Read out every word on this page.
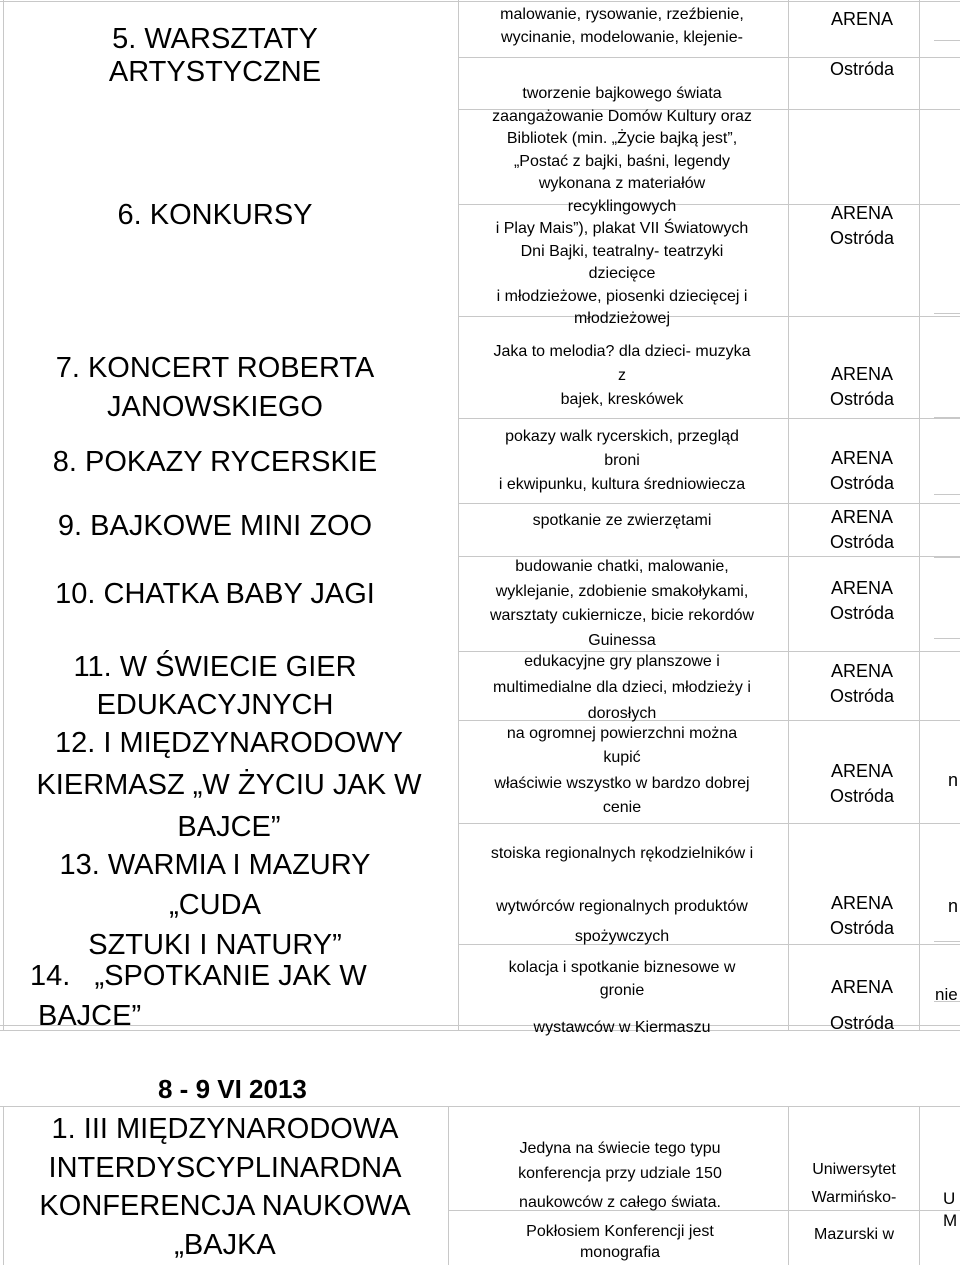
5. WARSZTATY
ARTYSTYCZNE
malowanie, rysowanie, rzeźbienie,
wycinanie, modelowanie, klejenie-
ARENA
Ostróda
6. KONKURSY
tworzenie bajkowego świata
zaangażowanie Domów Kultury oraz
Bibliotek (min. „Życie bajką jest”,
„Postać z bajki, baśni, legendy
wykonana z materiałów
recyklingowych
i Play Mais”), plakat VII Światowych
Dni Bajki, teatralny- teatrzyki
dziecięce
i młodzieżowe, piosenki dziecięcej i
młodzieżowej
ARENA
Ostróda
7. KONCERT ROBERTA
JANOWSKIEGO
Jaka to melodia? dla dzieci- muzyka
z
bajek, kreskówek
ARENA
Ostróda
8. POKAZY RYCERSKIE
pokazy walk rycerskich, przegląd
broni
i ekwipunku, kultura średniowiecza
ARENA
Ostróda
9. BAJKOWE MINI ZOO	spotkanie ze zwierzętami	ARENA
Ostróda
10. CHATKA BABY JAGI
budowanie chatki, malowanie,
wyklejanie, zdobienie smakołykami,
warsztaty cukiernicze, bicie rekordów
Guinessa
ARENA
Ostróda
11. W ŚWIECIE GIER
EDUKACYJNYCH
edukacyjne gry planszowe i
multimedialne dla dzieci, młodzieży i
dorosłych
ARENA
Ostróda
12. I MIĘDZYNARODOWY
KIERMASZ „W ŻYCIU JAK W
BAJCE”
na ogromnej powierzchni można
kupić
właściwie wszystko w bardzo dobrej
cenie
ARENA
Ostróda
n
13. WARMIA I MAZURY
„CUDA
SZTUKI I NATURY”
stoiska regionalnych rękodzielników i
wytwórców regionalnych produktów
spożywczych
ARENA
Ostróda
n
14.   „SPOTKANIE JAK W
BAJCE”
kolacja i spotkanie biznesowe w
gronie
wystawców w Kiermaszu
ARENA
Ostróda
nie
8 - 9 VI 2013
1. III MIĘDZYNARODOWA
INTERDYSCYPLINARDNA
KONFERENCJA NAUKOWA
„BAJKA
Jedyna na świecie tego typu
konferencja przy udziale 150
naukowców z całego świata.
Pokłosiem Konferencji jest
monografia
Uniwersytet
Warmińsko-
Mazurski w
U
M
